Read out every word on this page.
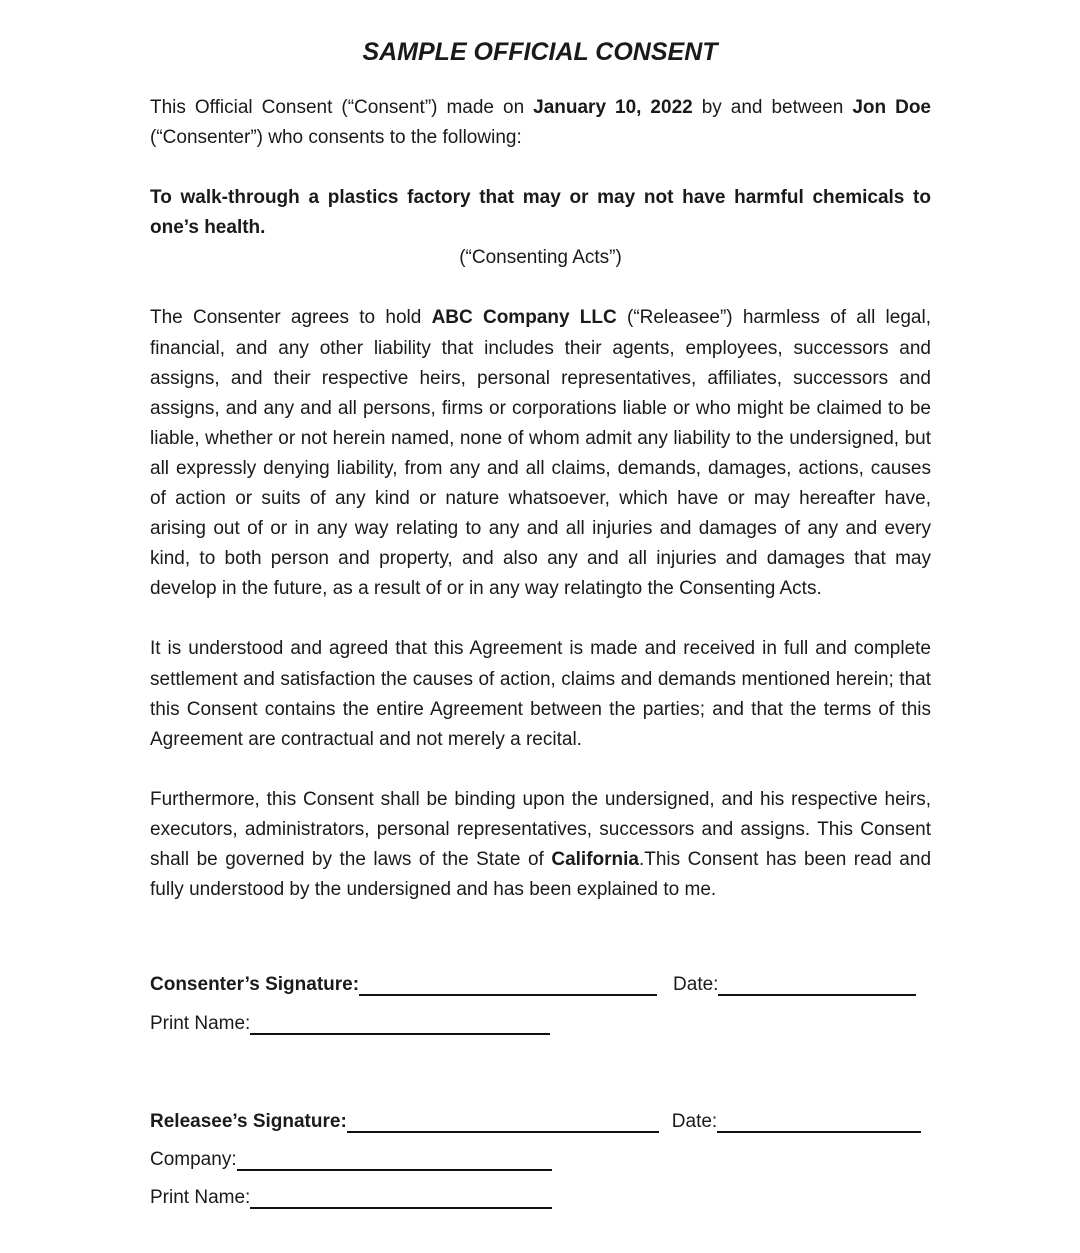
SAMPLE OFFICIAL CONSENT

This Official Consent (“Consent”) made on January 10, 2022 by and between Jon Doe (“Consenter”) who consents to the following:

To walk-through a plastics factory that may or may not have harmful chemicals to one’s health.

(“Consenting Acts”)

The Consenter agrees to hold ABC Company LLC (“Releasee”) harmless of all legal, financial, and any other liability that includes their agents, employees, successors and assigns, and their respective heirs, personal representatives, affiliates, successors and assigns, and any and all persons, firms or corporations liable or who might be claimed to be liable, whether or not herein named, none of whom admit any liability to the undersigned, but all expressly denying liability, from any and all claims, demands, damages, actions, causes of action or suits of any kind or nature whatsoever, which have or may hereafter have, arising out of or in any way relating to any and all injuries and damages of any and every kind, to both person and property, and also any and all injuries and damages that may develop in the future, as a result of or in any way relatingto the Consenting Acts.

It is understood and agreed that this Agreement is made and received in full and complete settlement and satisfaction the causes of action, claims and demands mentioned herein; that this Consent contains the entire Agreement between the parties; and that the terms of this Agreement are contractual and not merely a recital.

Furthermore, this Consent shall be binding upon the undersigned, and his respective heirs, executors, administrators, personal representatives, successors and assigns. This Consent shall be governed by the laws of the State of California.This Consent has been read and fully understood by the undersigned and has been explained to me.

Consenter’s Signature:	Date:
Print Name:
Releasee’s Signature:	Date:
Company:
Print Name:
